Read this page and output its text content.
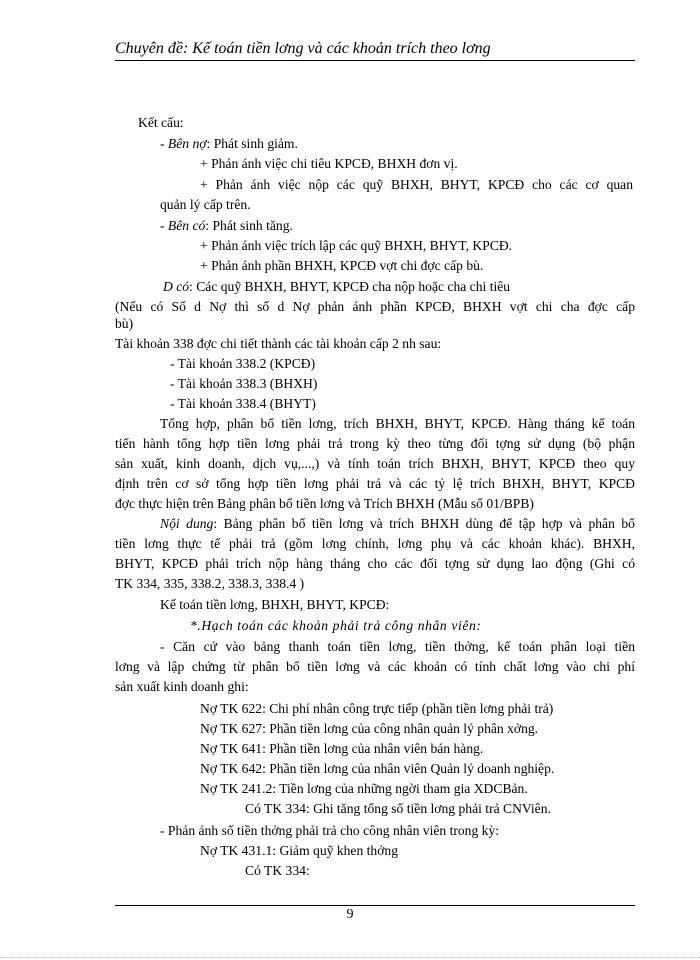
Chuyên đề: Kế toán tiền lơng và các khoản trích theo lơng
Kết cấu:
- Bên nợ: Phát sinh giảm.
+ Phản ánh việc chi tiêu KPCĐ, BHXH đơn vị.
+ Phản ánh việc nộp các quỹ BHXH, BHYT, KPCĐ cho các cơ quan
quản lý cấp trên.
- Bên có: Phát sinh tăng.
+ Phản ánh việc trích lập các quỹ BHXH, BHYT, KPCĐ.
+ Phản ánh phần BHXH, KPCĐ vợt chi đợc cấp bù.
D có: Các quỹ BHXH, BHYT, KPCĐ cha nộp hoặc cha chi tiêu
(Nếu có Số d Nợ thì số d Nợ phản ánh phần KPCĐ, BHXH vợt chi cha đợc cấp
bù)
Tài khoản 338 đợc chi tiết thành các tài khoản cấp 2 nh sau:
- Tài khoản 338.2 (KPCĐ)
- Tài khoản 338.3 (BHXH)
- Tài khoản 338.4 (BHYT)
Tổng hợp, phân bổ tiền lơng, trích BHXH, BHYT, KPCĐ. Hàng tháng kế toán
tiến hành tổng hợp tiền lơng phải trả trong kỳ theo từng đối tợng sử dụng (bộ phận
sản xuất, kinh doanh, dịch vụ,...,) và tính toán trích BHXH, BHYT, KPCĐ theo quy
định trên cơ sở tổng hợp tiền lơng phải trả và các tỷ lệ trích BHXH, BHYT, KPCĐ
đợc thực hiện trên Bảng phân bổ tiền lơng và Trích BHXH (Mẫu số 01/BPB)
Nội dung: Bảng phân bổ tiền lơng và trích BHXH dùng để tập hợp và phân bổ
tiền lơng thực tế phải trả (gồm lơng chính, lơng phụ và các khoản khác). BHXH,
BHYT, KPCĐ phải trích nộp hàng tháng cho các đối tợng sử dụng lao động (Ghi có
TK 334, 335, 338.2, 338.3, 338.4 )
Kế toán tiền lơng, BHXH, BHYT, KPCĐ:
*.Hạch toán các khoản phải trả công nhân viên:
- Căn cứ vào bảng thanh toán tiền lơng, tiền thởng, kế toán phân loại tiền
lơng và lập chứng từ phân bổ tiền lơng và các khoản có tính chất lơng vào chi phí
sản xuất kinh doanh ghi:
Nợ TK 622: Chi phí nhân công trực tiếp (phần tiền lơng phải trả)
Nợ TK 627: Phần tiền lơng của công nhân quản lý phân xởng.
Nợ TK 641: Phần tiền lơng của nhân viên bán hàng.
Nợ TK 642: Phần tiền lơng của nhân viên Quản lý doanh nghiệp.
Nợ TK 241.2: Tiền lơng của những ngời tham gia XDCBản.
Có TK 334: Ghi tăng tổng số tiền lơng phải trả CNViên.
- Phản ánh số tiền thởng phải trả cho công nhân viên trong kỳ:
Nợ TK 431.1: Giảm quỹ khen thởng
Có TK 334:
9
